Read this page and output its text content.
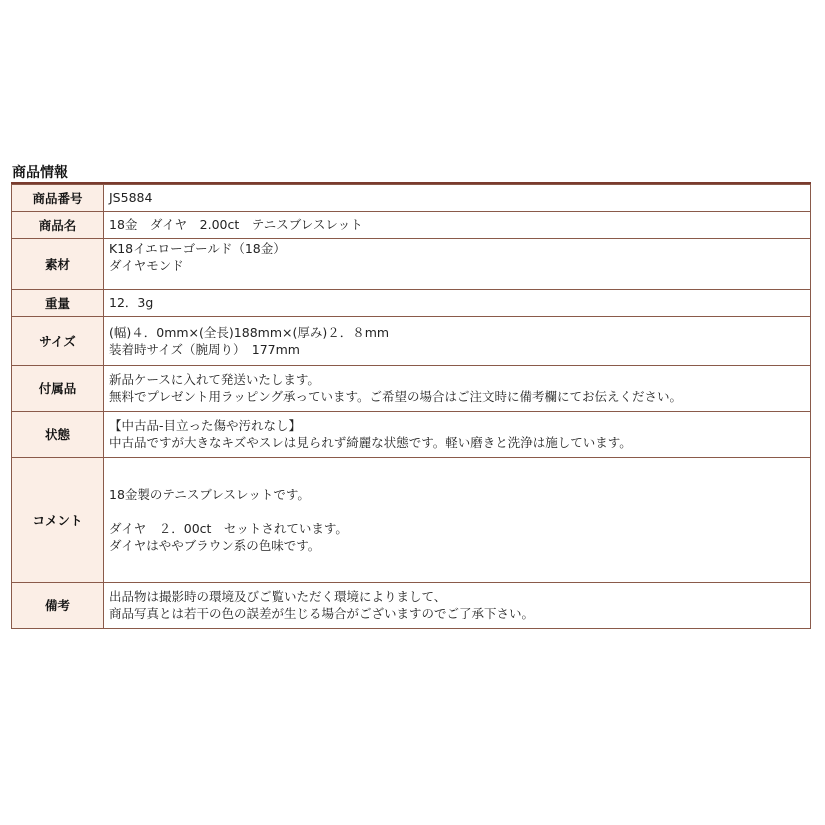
商品情報
商品番号	JS5884

商品名	18金　ダイヤ　2.00ct　テニスブレスレット

素材	K18イエローゴールド（18金）
ダイヤモンド

重量	12．3g

サイズ	(幅)４．0mm×(全長)188mm×(厚み)２．８mm
装着時サイズ（腕周り）　177mm

付属品	新品ケースに入れて発送いたします。
無料でプレゼント用ラッピング承っています。ご希望の場合はご注文時に備考欄にてお伝えください。

状態	【中古品-目立った傷や汚れなし】
中古品ですが大きなキズやスレは見られず綺麗な状態です。軽い磨きと洗浄は施しています。

コメント	18金製のテニスブレスレットです。
ダイヤ　２．00ct　セットされています。
ダイヤはややブラウン系の色味です。

備考	出品物は撮影時の環境及びご覧いただく環境によりまして、
商品写真とは若干の色の誤差が生じる場合がございますのでご了承下さい。
